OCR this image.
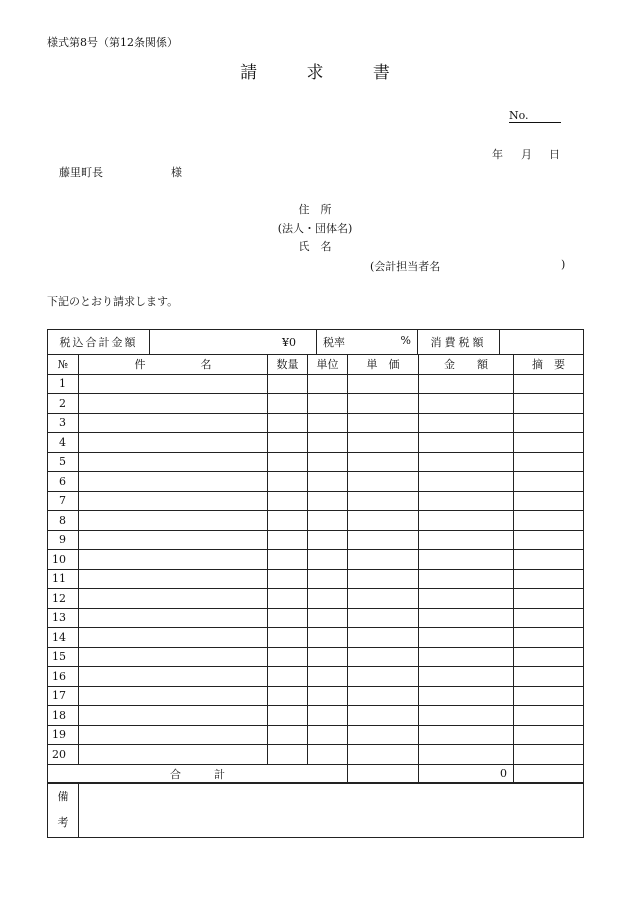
様式第8号（第12条関係）
請 求 書
No.
年 月 日
藤里町長	様
住　所
(法人・団体名)
氏　名
(会計担当者名	)
下記のとおり請求します。
税込合計金額	¥0	税率	%	消費税額	
№	件　　　　　名	数量	単位	単　価	金　　額	摘　要
1						
2						
3						
4						
5						
6						
7						
8						
9						
10						
11						
12						
13						
14						
15						
16						
17						
18						
19						
20						
合　　　計					0	
備
考
